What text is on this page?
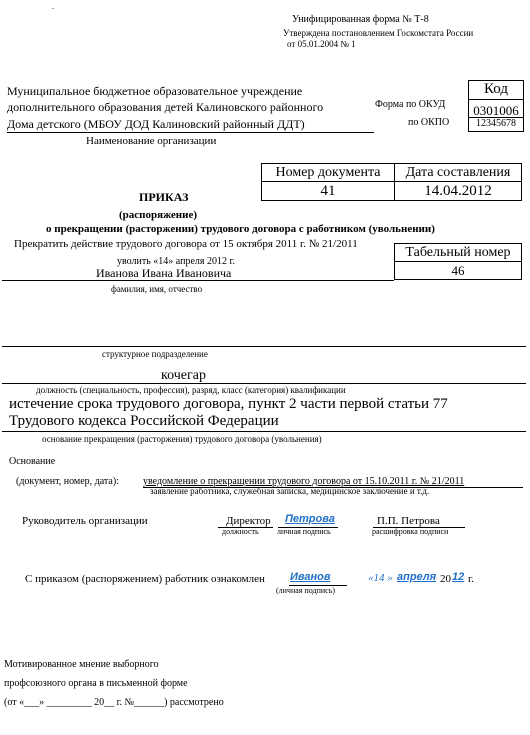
.
Унифицированная форма № Т-8
Утверждена постановлением Госкомстата России
от 05.01.2004 № 1
Муниципальное бюджетное образовательное учреждение
дополнительного образования детей Калиновского районного
Дома детского (МБОУ ДОД Калиновский районный ДДТ)
Наименование организации
Форма по ОКУД
по ОКПО
Код
0301006
12345678
Номер документа	Дата составления
41	14.04.2012
ПРИКАЗ
(распоряжение)
о прекращении (расторжении) трудового договора с работником (увольнении)
Прекратить действие трудового договора от 15 октября 2011 г. № 21/2011
уволить «14» апреля 2012 г.
Табельный номер
46
Иванова Ивана Ивановича
фамилия, имя, отчество
структурное подразделение
кочегар
должность (специальность, профессия), разряд, класс (категория) квалификации
истечение срока трудового договора, пункт 2 части первой статьи 77
Трудового кодекса Российской Федерации
основание прекращения (расторжения) трудового договора (увольнения)
Основание
(документ, номер, дата): уведомление о прекращении трудового договора от 15.10.2011 г. № 21/2011
заявление работника, служебная записка, медицинское заключение и т.д.
Руководитель организации	Директор Петрова	П.П. Петрова
должность личная подпись	расшифровка подписи
С приказом (распоряжением) работник ознакомлен Иванов
(личная подпись)
«14 » апреля 20 12 г.
Мотивированное мнение выборного
профсоюзного органа в письменной форме
(от «___» _________ 20__ г. №______) рассмотрено
